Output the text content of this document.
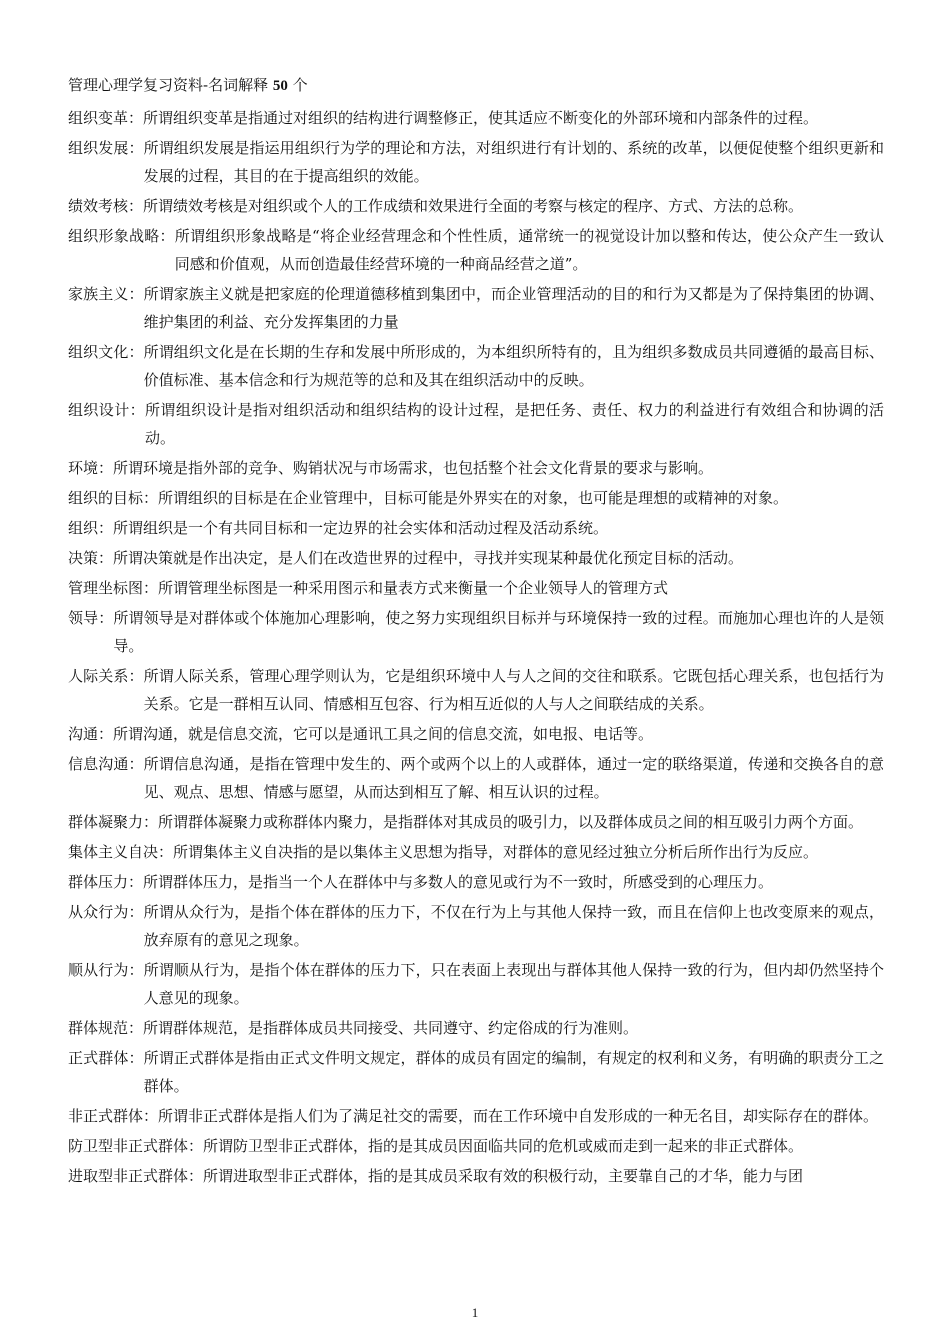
管理心理学复习资料-名词解释 50 个

组织变革：所谓组织变革是指通过对组织的结构进行调整修正，使其适应不断变化的外部环境和内部条件的过程。

组织发展：所谓组织发展是指运用组织行为学的理论和方法，对组织进行有计划的、系统的改革，以便促使整个组织更新和发展的过程，其目的在于提高组织的效能。

绩效考核：所谓绩效考核是对组织或个人的工作成绩和效果进行全面的考察与核定的程序、方式、方法的总称。

组织形象战略：所谓组织形象战略是“将企业经营理念和个性性质，通常统一的视觉设计加以整和传达，使公众产生一致认同感和价值观，从而创造最佳经营环境的一种商品经营之道”。

家族主义：所谓家族主义就是把家庭的伦理道德移植到集团中，而企业管理活动的目的和行为又都是为了保持集团的协调、维护集团的利益、充分发挥集团的力量

组织文化：所谓组织文化是在长期的生存和发展中所形成的，为本组织所特有的，且为组织多数成员共同遵循的最高目标、价值标准、基本信念和行为规范等的总和及其在组织活动中的反映。

组织设计：所谓组织设计是指对组织活动和组织结构的设计过程，是把任务、责任、权力的利益进行有效组合和协调的活动。

环境：所谓环境是指外部的竞争、购销状况与市场需求，也包括整个社会文化背景的要求与影响。

组织的目标：所谓组织的目标是在企业管理中，目标可能是外界实在的对象，也可能是理想的或精神的对象。

组织：所谓组织是一个有共同目标和一定边界的社会实体和活动过程及活动系统。

决策：所谓决策就是作出决定，是人们在改造世界的过程中，寻找并实现某种最优化预定目标的活动。

管理坐标图：所谓管理坐标图是一种采用图示和量表方式来衡量一个企业领导人的管理方式

领导：所谓领导是对群体或个体施加心理影响，使之努力实现组织目标并与环境保持一致的过程。而施加心理也许的人是领导。

人际关系：所谓人际关系，管理心理学则认为，它是组织环境中人与人之间的交往和联系。它既包括心理关系，也包括行为关系。它是一群相互认同、情感相互包容、行为相互近似的人与人之间联结成的关系。

沟通：所谓沟通，就是信息交流，它可以是通讯工具之间的信息交流，如电报、电话等。

信息沟通：所谓信息沟通，是指在管理中发生的、两个或两个以上的人或群体，通过一定的联络渠道，传递和交换各自的意见、观点、思想、情感与愿望，从而达到相互了解、相互认识的过程。

群体凝聚力：所谓群体凝聚力或称群体内聚力，是指群体对其成员的吸引力，以及群体成员之间的相互吸引力两个方面。

集体主义自决：所谓集体主义自决指的是以集体主义思想为指导，对群体的意见经过独立分析后所作出行为反应。

群体压力：所谓群体压力，是指当一个人在群体中与多数人的意见或行为不一致时，所感受到的心理压力。

从众行为：所谓从众行为，是指个体在群体的压力下，不仅在行为上与其他人保持一致，而且在信仰上也改变原来的观点，放弃原有的意见之现象。

顺从行为：所谓顺从行为，是指个体在群体的压力下，只在表面上表现出与群体其他人保持一致的行为，但内却仍然坚持个人意见的现象。

群体规范：所谓群体规范，是指群体成员共同接受、共同遵守、约定俗成的行为准则。

正式群体：所谓正式群体是指由正式文件明文规定，群体的成员有固定的编制，有规定的权利和义务，有明确的职责分工之群体。

非正式群体：所谓非正式群体是指人们为了满足社交的需要，而在工作环境中自发形成的一种无名目，却实际存在的群体。

防卫型非正式群体：所谓防卫型非正式群体，指的是其成员因面临共同的危机或威而走到一起来的非正式群体。

进取型非正式群体：所谓进取型非正式群体，指的是其成员采取有效的积极行动，主要靠自己的才华，能力与团

1
